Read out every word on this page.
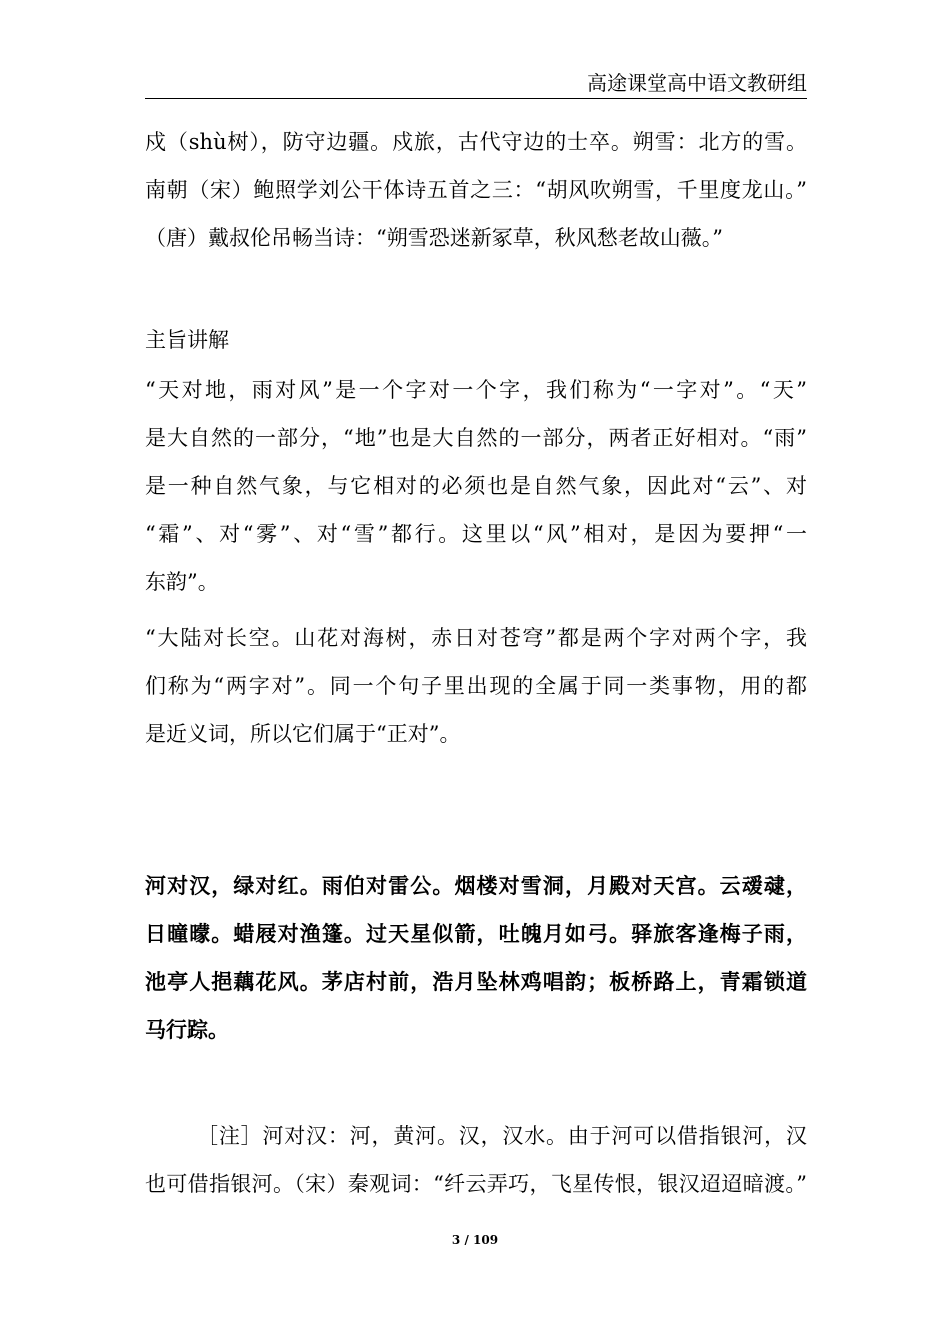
高途课堂高中语文教研组
戍（shù树），防守边疆。戍旅，古代守边的士卒。朔雪：北方的雪。
南朝（宋）鲍照学刘公干体诗五首之三：“胡风吹朔雪，千里度龙山。”
（唐）戴叔伦吊畅当诗：“朔雪恐迷新冢草，秋风愁老故山薇。”
主旨讲解
“天对地，雨对风”是一个字对一个字，我们称为“一字对”。“天”
是大自然的一部分，“地”也是大自然的一部分，两者正好相对。“雨”
是一种自然气象，与它相对的必须也是自然气象，因此对“云”、对
“霜”、对“雾”、对“雪”都行。这里以“风”相对，是因为要押“一
东韵”。
“大陆对长空。山花对海树，赤日对苍穹”都是两个字对两个字，我
们称为“两字对”。同一个句子里出现的全属于同一类事物，用的都
是近义词，所以它们属于“正对”。
河对汉，绿对红。雨伯对雷公。烟楼对雪洞，月殿对天宫。云叆叇，
日曈曚。蜡屐对渔篷。过天星似箭，吐魄月如弓。驿旅客逢梅子雨，
池亭人挹藕花风。茅店村前，浩月坠林鸡唱韵；板桥路上，青霜锁道
马行踪。
［注］河对汉：河，黄河。汉，汉水。由于河可以借指银河，汉
也可借指银河。（宋）秦观词：“纤云弄巧，飞星传恨，银汉迢迢暗渡。”
3 / 109
